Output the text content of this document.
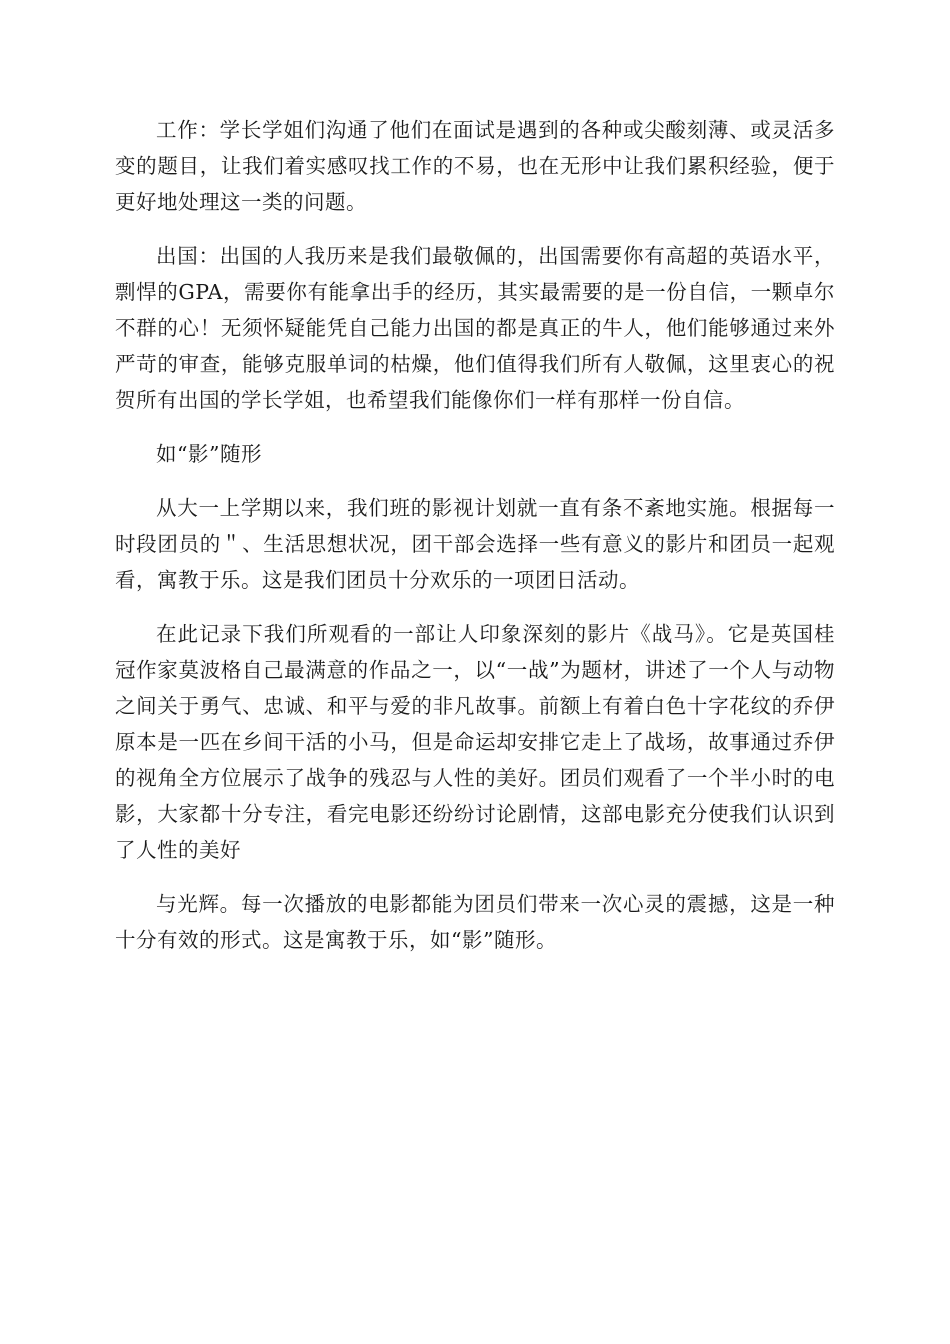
工作：学长学姐们沟通了他们在面试是遇到的各种或尖酸刻薄、或灵活多变的题目，让我们着实感叹找工作的不易，也在无形中让我们累积经验，便于更好地处理这一类的问题。

出国：出国的人我历来是我们最敬佩的，出国需要你有高超的英语水平，剽悍的GPA，需要你有能拿出手的经历，其实最需要的是一份自信，一颗卓尔不群的心！无须怀疑能凭自己能力出国的都是真正的牛人，他们能够通过来外严苛的审查，能够克服单词的枯燥，他们值得我们所有人敬佩，这里衷心的祝贺所有出国的学长学姐，也希望我们能像你们一样有那样一份自信。

如“影”随形

从大一上学期以来，我们班的影视计划就一直有条不紊地实施。根据每一时段团员的＂、生活思想状况，团干部会选择一些有意义的影片和团员一起观看，寓教于乐。这是我们团员十分欢乐的一项团日活动。

在此记录下我们所观看的一部让人印象深刻的影片《战马》。它是英国桂冠作家莫波格自己最满意的作品之一，以“一战”为题材，讲述了一个人与动物之间关于勇气、忠诚、和平与爱的非凡故事。前额上有着白色十字花纹的乔伊原本是一匹在乡间干活的小马，但是命运却安排它走上了战场，故事通过乔伊的视角全方位展示了战争的残忍与人性的美好。团员们观看了一个半小时的电影，大家都十分专注，看完电影还纷纷讨论剧情，这部电影充分使我们认识到了人性的美好

与光辉。每一次播放的电影都能为团员们带来一次心灵的震撼，这是一种十分有效的形式。这是寓教于乐，如“影”随形。
